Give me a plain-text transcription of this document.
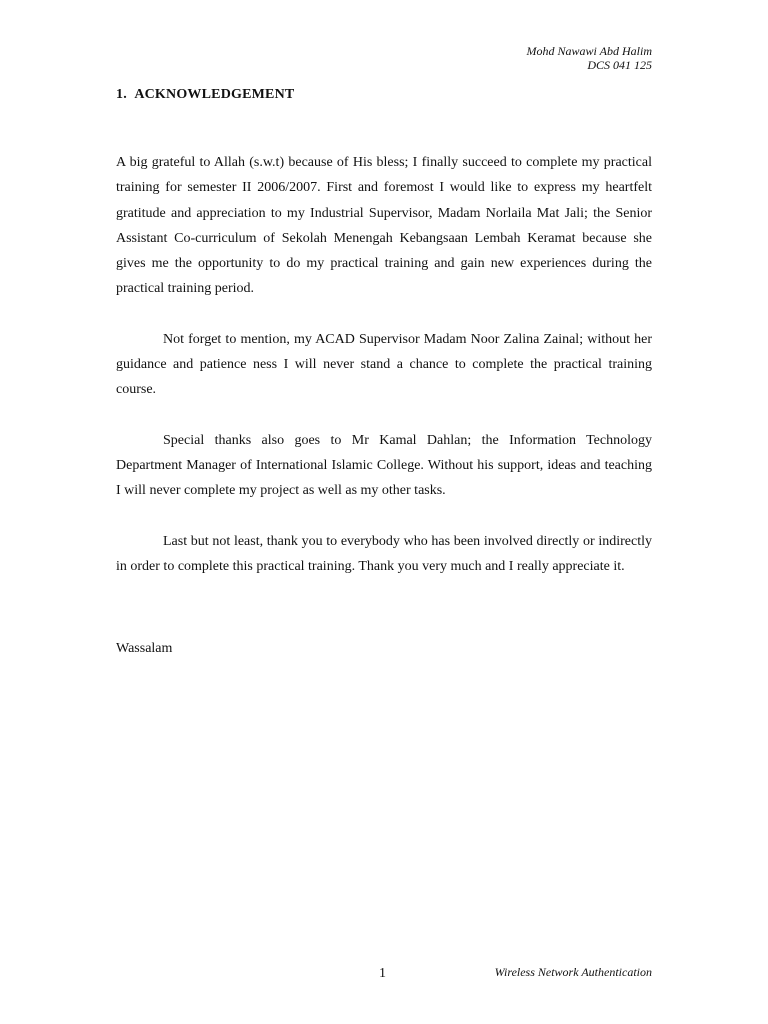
Mohd Nawawi Abd Halim
DCS 041 125
1. ACKNOWLEDGEMENT

A big grateful to Allah (s.w.t) because of His bless; I finally succeed to complete my practical training for semester II 2006/2007. First and foremost I would like to express my heartfelt gratitude and appreciation to my Industrial Supervisor, Madam Norlaila Mat Jali; the Senior Assistant Co-curriculum of Sekolah Menengah Kebangsaan Lembah Keramat because she gives me the opportunity to do my practical training and gain new experiences during the practical training period.

Not forget to mention, my ACAD Supervisor Madam Noor Zalina Zainal; without her guidance and patience ness I will never stand a chance to complete the practical training course.

Special thanks also goes to Mr Kamal Dahlan; the Information Technology Department Manager of International Islamic College. Without his support, ideas and teaching I will never complete my project as well as my other tasks.

Last but not least, thank you to everybody who has been involved directly or indirectly in order to complete this practical training. Thank you very much and I really appreciate it.

Wassalam

1	Wireless Network Authentication
